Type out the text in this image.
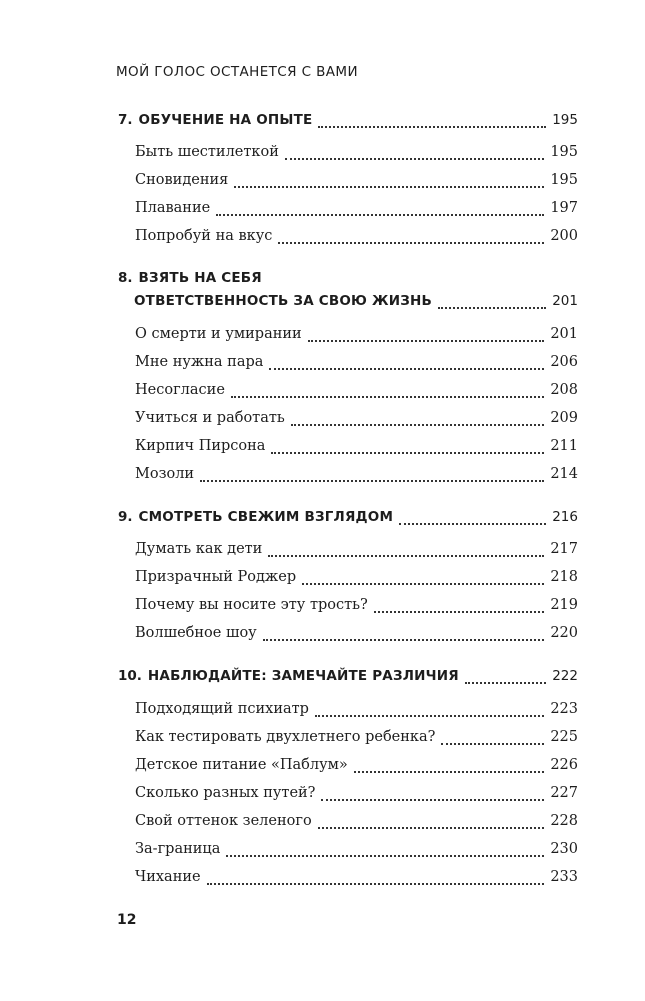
МОЙ ГОЛОС ОСТАНЕТСЯ С ВАМИ
7. ОБУЧЕНИЕ НА ОПЫТЕ	195
Быть шестилеткой	195
Сновидения	195
Плавание	197
Попробуй на вкус	200
8. ВЗЯТЬ НА СЕБЯ
ОТВЕТСТВЕННОСТЬ ЗА СВОЮ ЖИЗНЬ	201
О смерти и умирании	201
Мне нужна пара	206
Несогласие	208
Учиться и работать	209
Кирпич Пирсона	211
Мозоли	214
9. СМОТРЕТЬ СВЕЖИМ ВЗГЛЯДОМ	216
Думать как дети	217
Призрачный Роджер	218
Почему вы носите эту трость?	219
Волшебное шоу	220
10. НАБЛЮДАЙТЕ: ЗАМЕЧАЙТЕ РАЗЛИЧИЯ	222
Подходящий психиатр	223
Как тестировать двухлетнего ребенка?	225
Детское питание «Паблум»	226
Сколько разных путей?	227
Свой оттенок зеленого	228
За-граница	230
Чихание	233
12
